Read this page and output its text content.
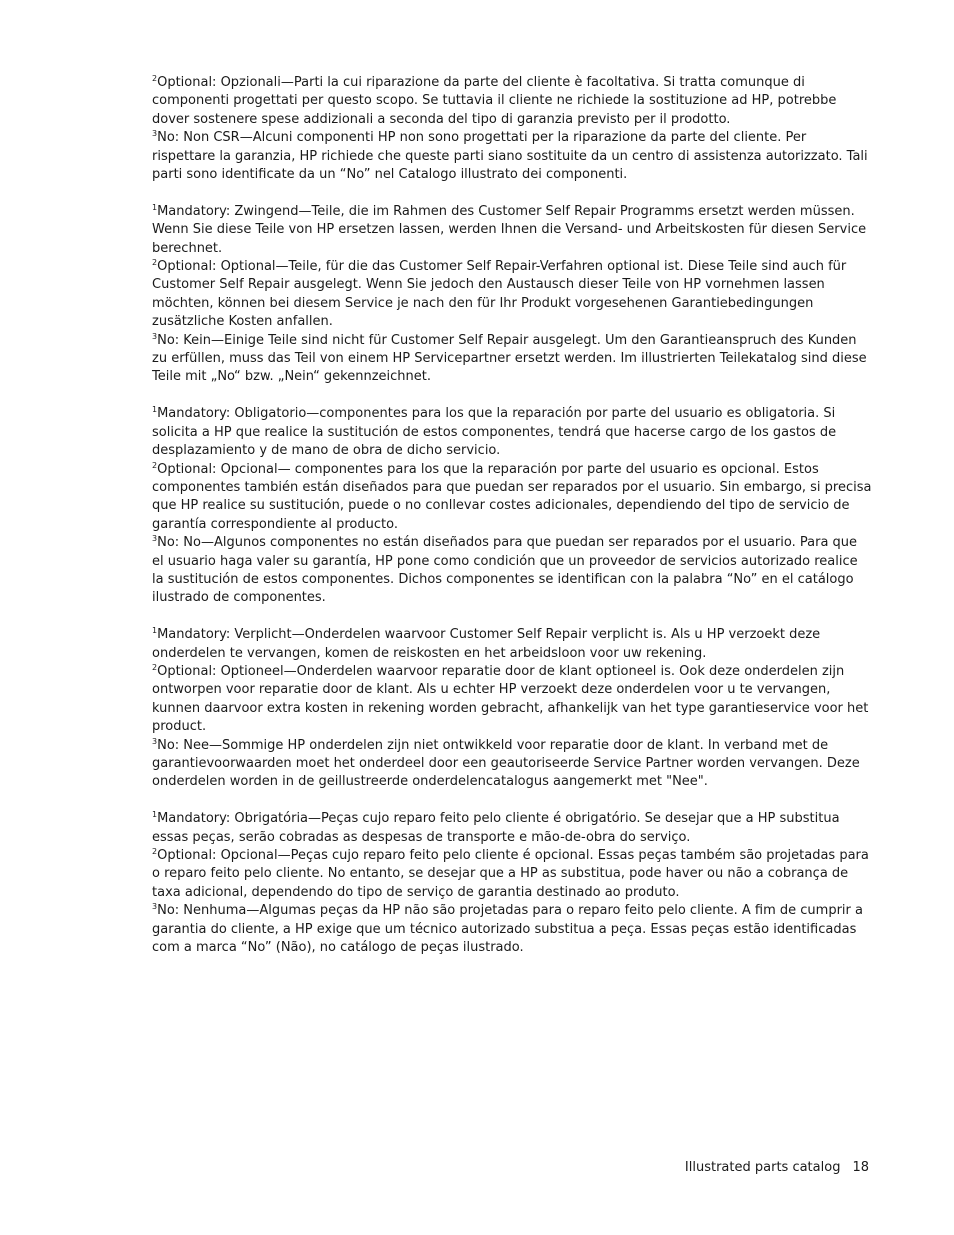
$^2$Optional: Opzionali—Parti la cui riparazione da parte del cliente è facoltativa. Si tratta comunque di componenti progettati per questo scopo. Se tuttavia il cliente ne richiede la sostituzione ad HP, potrebbe dover sostenere spese addizionali a seconda del tipo di garanzia previsto per il prodotto.

$^3$No: Non CSR—Alcuni componenti HP non sono progettati per la riparazione da parte del cliente. Per rispettare la garanzia, HP richiede che queste parti siano sostituite da un centro di assistenza autorizzato. Tali parti sono identificate da un “No” nel Catalogo illustrato dei componenti.

$^1$Mandatory: Zwingend—Teile, die im Rahmen des Customer Self Repair Programms ersetzt werden müssen. Wenn Sie diese Teile von HP ersetzen lassen, werden Ihnen die Versand- und Arbeitskosten für diesen Service berechnet.

$^2$Optional: Optional—Teile, für die das Customer Self Repair-Verfahren optional ist. Diese Teile sind auch für Customer Self Repair ausgelegt. Wenn Sie jedoch den Austausch dieser Teile von HP vornehmen lassen möchten, können bei diesem Service je nach den für Ihr Produkt vorgesehenen Garantiebedingungen zusätzliche Kosten anfallen.

$^3$No: Kein—Einige Teile sind nicht für Customer Self Repair ausgelegt. Um den Garantieanspruch des Kunden zu erfüllen, muss das Teil von einem HP Servicepartner ersetzt werden. Im illustrierten Teilekatalog sind diese Teile mit „No“ bzw. „Nein“ gekennzeichnet.

$^1$Mandatory: Obligatorio—componentes para los que la reparación por parte del usuario es obligatoria. Si solicita a HP que realice la sustitución de estos componentes, tendrá que hacerse cargo de los gastos de desplazamiento y de mano de obra de dicho servicio.

$^2$Optional: Opcional— componentes para los que la reparación por parte del usuario es opcional. Estos componentes también están diseñados para que puedan ser reparados por el usuario. Sin embargo, si precisa que HP realice su sustitución, puede o no conllevar costes adicionales, dependiendo del tipo de servicio de garantía correspondiente al producto.

$^3$No: No—Algunos componentes no están diseñados para que puedan ser reparados por el usuario. Para que el usuario haga valer su garantía, HP pone como condición que un proveedor de servicios autorizado realice la sustitución de estos componentes. Dichos componentes se identifican con la palabra “No” en el catálogo ilustrado de componentes.

$^1$Mandatory: Verplicht—Onderdelen waarvoor Customer Self Repair verplicht is. Als u HP verzoekt deze onderdelen te vervangen, komen de reiskosten en het arbeidsloon voor uw rekening.

$^2$Optional: Optioneel—Onderdelen waarvoor reparatie door de klant optioneel is. Ook deze onderdelen zijn ontworpen voor reparatie door de klant. Als u echter HP verzoekt deze onderdelen voor u te vervangen, kunnen daarvoor extra kosten in rekening worden gebracht, afhankelijk van het type garantieservice voor het product.

$^3$No: Nee—Sommige HP onderdelen zijn niet ontwikkeld voor reparatie door de klant. In verband met de garantievoorwaarden moet het onderdeel door een geautoriseerde Service Partner worden vervangen. Deze onderdelen worden in de geillustreerde onderdelencatalogus aangemerkt met "Nee".

$^1$Mandatory: Obrigatória—Peças cujo reparo feito pelo cliente é obrigatório. Se desejar que a HP substitua essas peças, serão cobradas as despesas de transporte e mão-de-obra do serviço.

$^2$Optional: Opcional—Peças cujo reparo feito pelo cliente é opcional. Essas peças também são projetadas para o reparo feito pelo cliente. No entanto, se desejar que a HP as substitua, pode haver ou não a cobrança de taxa adicional, dependendo do tipo de serviço de garantia destinado ao produto.

$^3$No: Nenhuma—Algumas peças da HP não são projetadas para o reparo feito pelo cliente. A fim de cumprir a garantia do cliente, a HP exige que um técnico autorizado substitua a peça. Essas peças estão identificadas com a marca “No” (Não), no catálogo de peças ilustrado.

Illustrated parts catalog 18
